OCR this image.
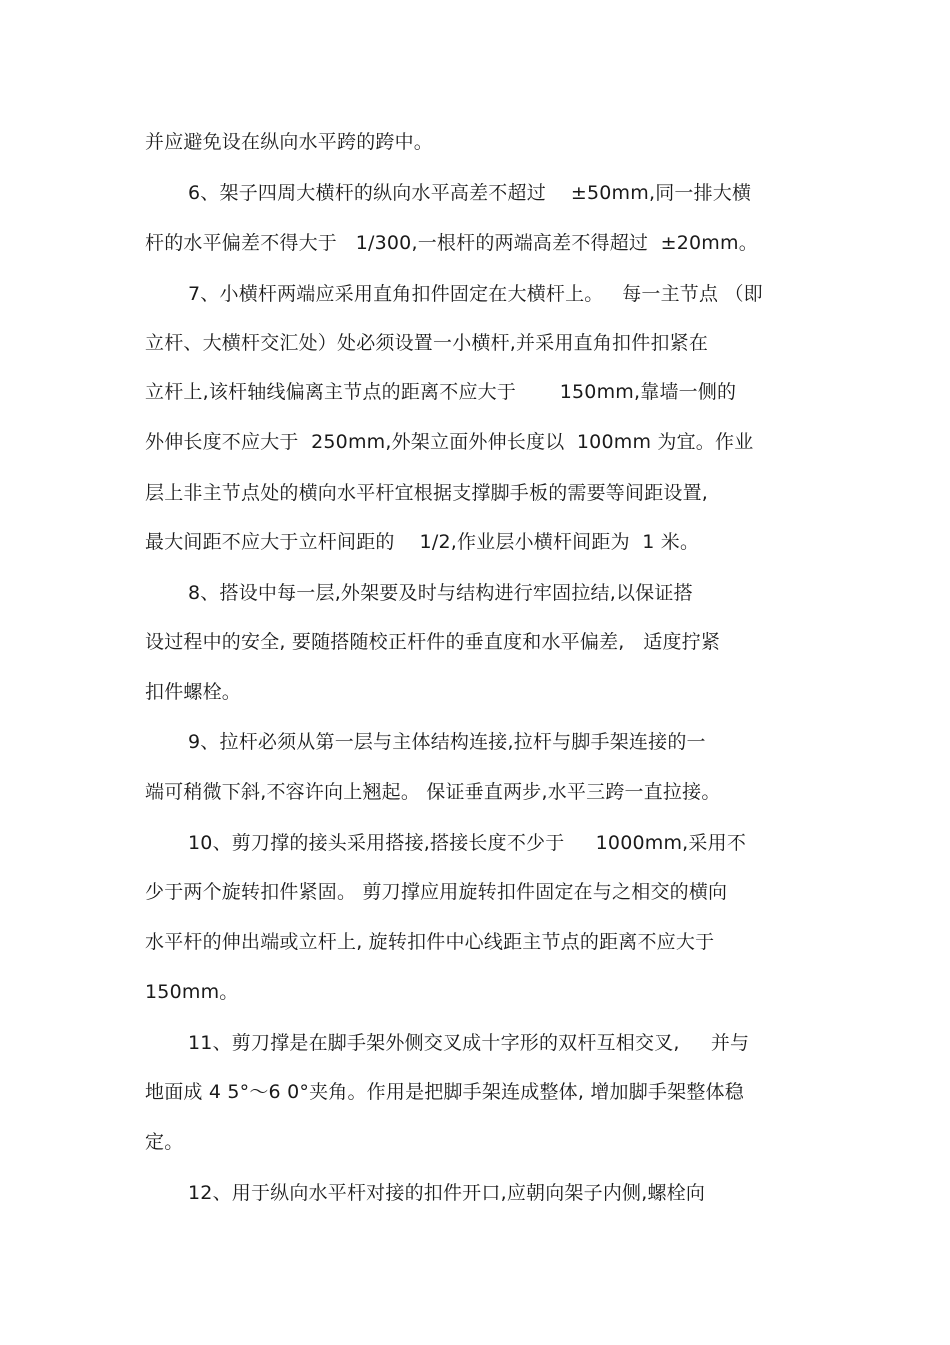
并应避免设在纵向水平跨的跨中。
6、架子四周大横杆的纵向水平高差不超过    ±50mm,同一排大横
杆的水平偏差不得大于   1/300,一根杆的两端高差不得超过  ±20mm。
7、小横杆两端应采用直角扣件固定在大横杆上。   每一主节点 （即
立杆、大横杆交汇处）处必须设置一小横杆,并采用直角扣件扣紧在
立杆上,该杆轴线偏离主节点的距离不应大于       150mm,靠墙一侧的
外伸长度不应大于  250mm,外架立面外伸长度以  100mm 为宜。作业
层上非主节点处的横向水平杆宜根据支撑脚手板的需要等间距设置,
最大间距不应大于立杆间距的    1/2,作业层小横杆间距为  1 米。
8、搭设中每一层,外架要及时与结构进行牢固拉结,以保证搭
设过程中的安全, 要随搭随校正杆件的垂直度和水平偏差,   适度拧紧
扣件螺栓。
9、拉杆必须从第一层与主体结构连接,拉杆与脚手架连接的一
端可稍微下斜,不容许向上翘起。 保证垂直两步,水平三跨一直拉接。
10、剪刀撑的接头采用搭接,搭接长度不少于     1000mm,采用不
少于两个旋转扣件紧固。 剪刀撑应用旋转扣件固定在与之相交的横向
水平杆的伸出端或立杆上, 旋转扣件中心线距主节点的距离不应大于
150mm。
11、剪刀撑是在脚手架外侧交叉成十字形的双杆互相交叉,     并与
地面成 4 5°～6 0°夹角。作用是把脚手架连成整体, 增加脚手架整体稳
定。
12、用于纵向水平杆对接的扣件开口,应朝向架子内侧,螺栓向
